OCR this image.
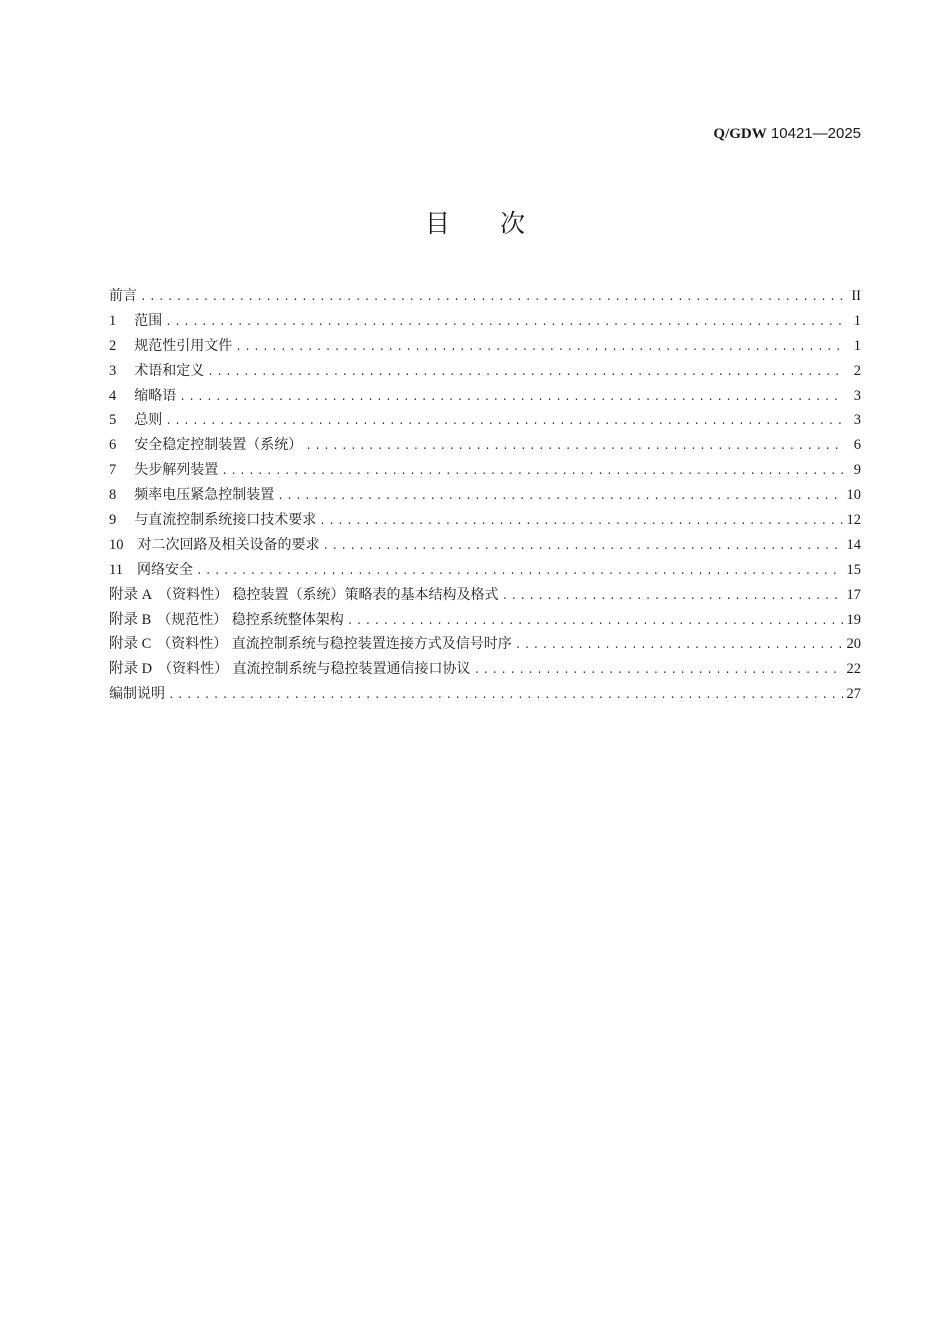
Q/GDW 10421—2025
目次
前言 .....	II
1 范围 .....	1
2 规范性引用文件 .....	1
3 术语和定义 .....	2
4 缩略语 .....	3
5 总则 .....	3
6 安全稳定控制装置（系统） .....	6
7 失步解列装置 .....	9
8 频率电压紧急控制装置 .....	10
9 与直流控制系统接口技术要求 .....	12
10 对二次回路及相关设备的要求 .....	14
11 网络安全 .....	15
附录 A （资料性） 稳控装置（系统）策略表的基本结构及格式 .....	17
附录 B （规范性） 稳控系统整体架构 .....	19
附录 C （资料性） 直流控制系统与稳控装置连接方式及信号时序 .....	20
附录 D （资料性） 直流控制系统与稳控装置通信接口协议 .....	22
编制说明 .....	27
